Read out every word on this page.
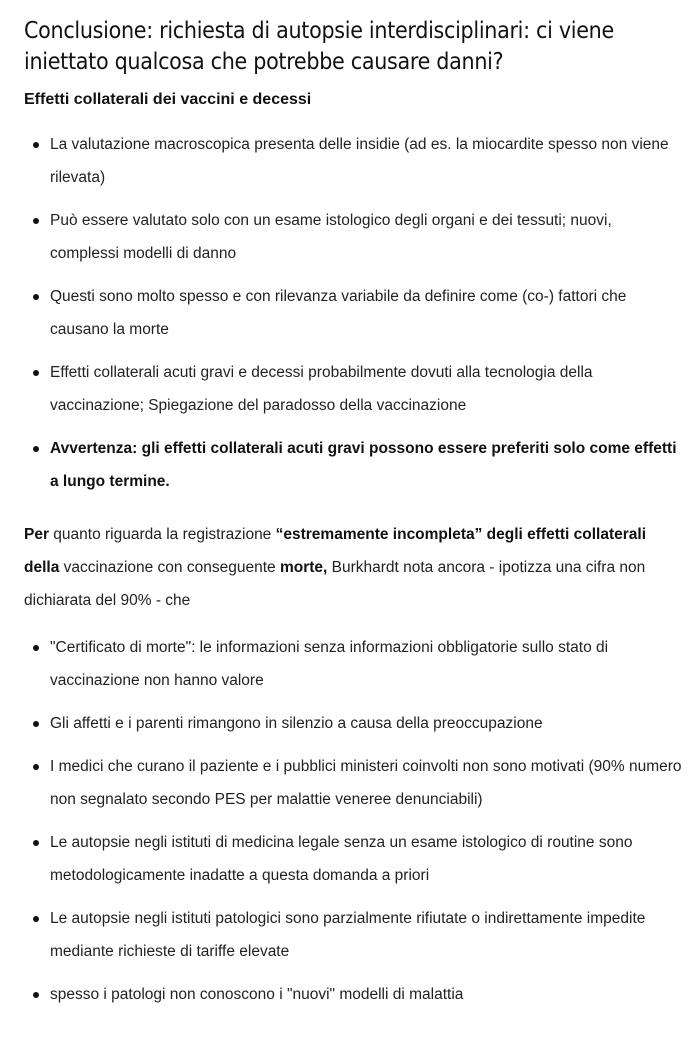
Conclusione: richiesta di autopsie interdisciplinari: ci viene iniettato qualcosa che potrebbe causare danni?
Effetti collaterali dei vaccini e decessi
La valutazione macroscopica presenta delle insidie (ad es. la miocardite spesso non viene rilevata)
Può essere valutato solo con un esame istologico degli organi e dei tessuti; nuovi, complessi modelli di danno
Questi sono molto spesso e con rilevanza variabile da definire come (co-) fattori che causano la morte
Effetti collaterali acuti gravi e decessi probabilmente dovuti alla tecnologia della vaccinazione; Spiegazione del paradosso della vaccinazione
Avvertenza: gli effetti collaterali acuti gravi possono essere preferiti solo come effetti a lungo termine.

Per quanto riguarda la registrazione “estremamente incompleta” degli effetti collaterali della vaccinazione con conseguente morte, Burkhardt nota ancora - ipotizza una cifra non dichiarata del 90% - che

"Certificato di morte": le informazioni senza informazioni obbligatorie sullo stato di vaccinazione non hanno valore
Gli affetti e i parenti rimangono in silenzio a causa della preoccupazione
I medici che curano il paziente e i pubblici ministeri coinvolti non sono motivati (90% numero non segnalato secondo PES per malattie veneree denunciabili)
Le autopsie negli istituti di medicina legale senza un esame istologico di routine sono metodologicamente inadatte a questa domanda a priori
Le autopsie negli istituti patologici sono parzialmente rifiutate o indirettamente impedite mediante richieste di tariffe elevate
spesso i patologi non conoscono i "nuovi" modelli di malattia
